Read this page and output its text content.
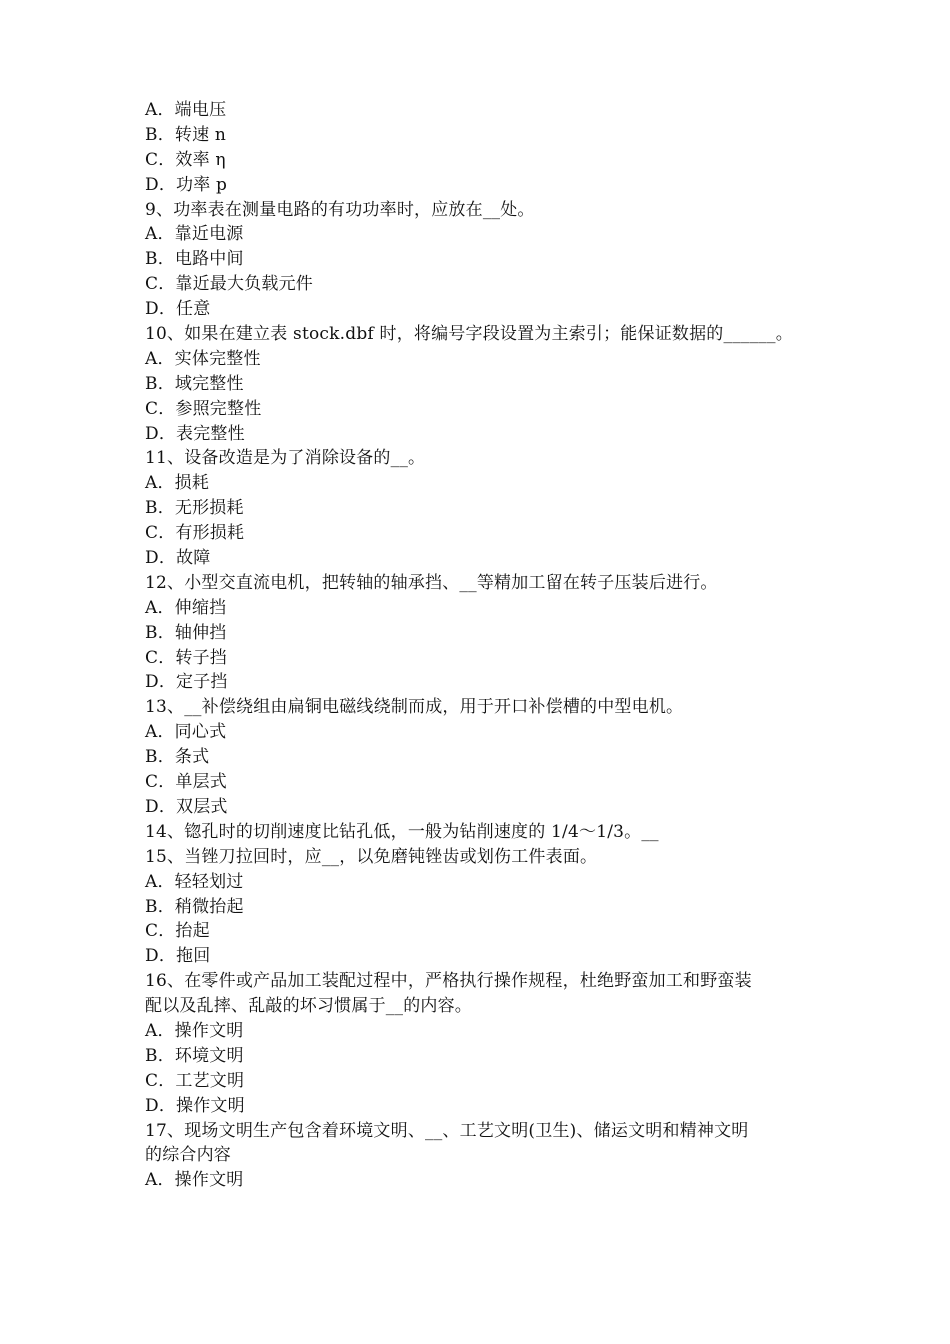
A．端电压
B．转速 n
C．效率 η
D．功率 p
9、功率表在测量电路的有功功率时，应放在__处。
A．靠近电源
B．电路中间
C．靠近最大负载元件
D．任意
10、如果在建立表 stock.dbf 时，将编号字段设置为主索引；能保证数据的______。
A．实体完整性
B．域完整性
C．参照完整性
D．表完整性
11、设备改造是为了消除设备的__。
A．损耗
B．无形损耗
C．有形损耗
D．故障
12、小型交直流电机，把转轴的轴承挡、__等精加工留在转子压装后进行。
A．伸缩挡
B．轴伸挡
C．转子挡
D．定子挡
13、__补偿绕组由扁铜电磁线绕制而成，用于开口补偿槽的中型电机。
A．同心式
B．条式
C．单层式
D．双层式
14、锪孔时的切削速度比钻孔低，一般为钻削速度的 1/4～1/3。__
15、当锉刀拉回时，应__，以免磨钝锉齿或划伤工件表面。
A．轻轻划过
B．稍微抬起
C．抬起
D．拖回
16、在零件或产品加工装配过程中，严格执行操作规程，杜绝野蛮加工和野蛮装
配以及乱摔、乱敲的坏习惯属于__的内容。
A．操作文明
B．环境文明
C．工艺文明
D．操作文明
17、现场文明生产包含着环境文明、__、工艺文明(卫生)、储运文明和精神文明
的综合内容
A．操作文明
